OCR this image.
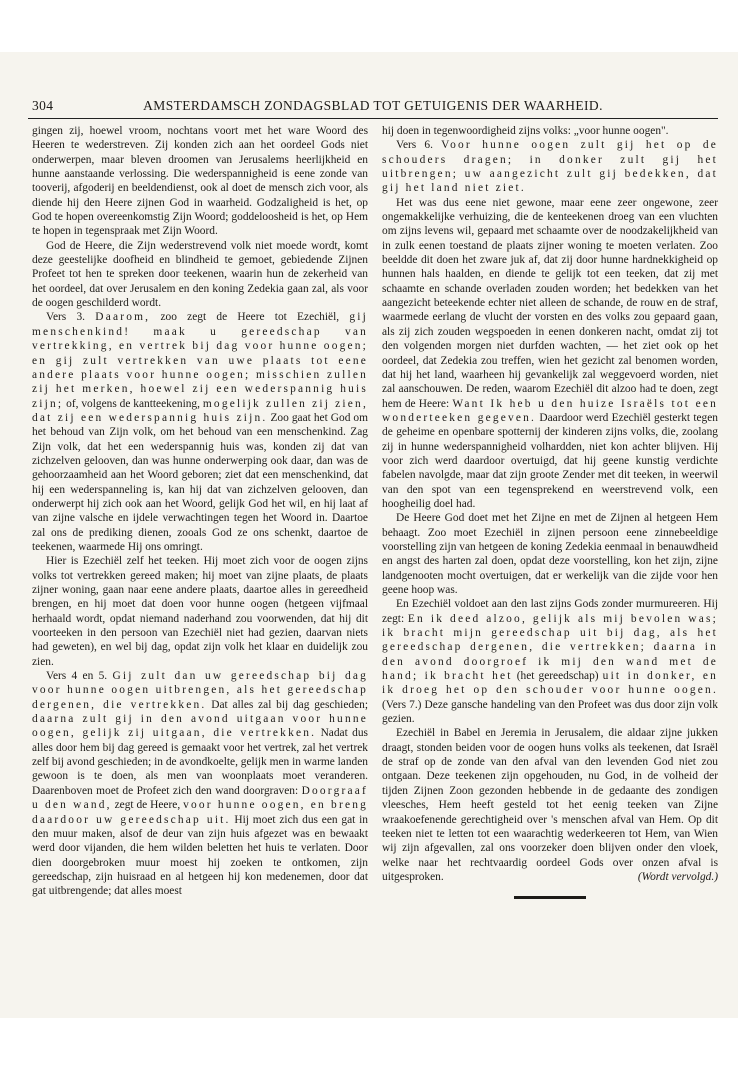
304	AMSTERDAMSCH ZONDAGSBLAD TOT GETUIGENIS DER WAARHEID.

gingen zij, hoewel vroom, nochtans voort met het ware Woord des Heeren te wederstreven. Zij konden zich aan het oordeel Gods niet onderwerpen, maar bleven droomen van Jerusalems heerlijkheid en hunne aanstaande verlossing. Die wederspannigheid is eene zonde van tooverij, afgoderij en beeldendienst, ook al doet de mensch zich voor, als diende hij den Heere zijnen God in waarheid. Godzaligheid is het, op God te hopen overeenkomstig Zijn Woord; goddeloosheid is het, op Hem te hopen in tegenspraak met Zijn Woord.

God de Heere, die Zijn wederstrevend volk niet moede wordt, komt deze geestelijke doofheid en blindheid te gemoet, gebiedende Zijnen Profeet tot hen te spreken door teekenen, waarin hun de zekerheid van het oordeel, dat over Jerusalem en den koning Zedekia gaan zal, als voor de oogen geschilderd wordt.

Vers 3. Daarom, zoo zegt de Heere tot Ezechiël, gij menschenkind! maak u gereedschap van vertrekking, en vertrek bij dag voor hunne oogen; en gij zult vertrekken van uwe plaats tot eene andere plaats voor hunne oogen; misschien zullen zij het merken, hoewel zij een wederspannig huis zijn; of, volgens de kantteekening, mogelijk zullen zij zien, dat zij een wederspannig huis zijn. Zoo gaat het God om het behoud van Zijn volk, om het behoud van een menschenkind. Zag Zijn volk, dat het een wederspannig huis was, konden zij dat van zichzelven gelooven, dan was hunne onderwerping ook daar, dan was de gehoorzaamheid aan het Woord geboren; ziet dat een menschenkind, dat hij een wederspanneling is, kan hij dat van zichzelven gelooven, dan onderwerpt hij zich ook aan het Woord, gelijk God het wil, en hij laat af van zijne valsche en ijdele verwachtingen tegen het Woord in. Daartoe zal ons de prediking dienen, zooals God ze ons schenkt, daartoe de teekenen, waarmede Hij ons omringt.

Hier is Ezechiël zelf het teeken. Hij moet zich voor de oogen zijns volks tot vertrekken gereed maken; hij moet van zijne plaats, de plaats zijner woning, gaan naar eene andere plaats, daartoe alles in gereedheid brengen, en hij moet dat doen voor hunne oogen (hetgeen vijfmaal herhaald wordt, opdat niemand naderhand zou voorwenden, dat hij dit voorteeken in den persoon van Ezechiël niet had gezien, daarvan niets had geweten), en wel bij dag, opdat zijn volk het klaar en duidelijk zou zien.

Vers 4 en 5. Gij zult dan uw gereedschap bij dag voor hunne oogen uitbrengen, als het gereedschap dergenen, die vertrekken. Dat alles zal bij dag geschieden; daarna zult gij in den avond uitgaan voor hunne oogen, gelijk zij uitgaan, die vertrekken. Nadat dus alles door hem bij dag gereed is gemaakt voor het vertrek, zal het vertrek zelf bij avond geschieden; in de avondkoelte, gelijk men in warme landen gewoon is te doen, als men van woonplaats moet veranderen. Daarenboven moet de Profeet zich den wand doorgraven: Doorgraaf u den wand, zegt de Heere, voor hunne oogen, en breng daardoor uw gereedschap uit. Hij moet zich dus een gat in den muur maken, alsof de deur van zijn huis afgezet was en bewaakt werd door vijanden, die hem wilden beletten het huis te verlaten. Door dien doorgebroken muur moest hij zoeken te ontkomen, zijn gereedschap, zijn huisraad en al hetgeen hij kon medenemen, door dat gat uitbrengende; dat alles moest

hij doen in tegenwoordigheid zijns volks: „voor hunne oogen".

Vers 6. Voor hunne oogen zult gij het op de schouders dragen; in donker zult gij het uitbrengen; uw aangezicht zult gij bedekken, dat gij het land niet ziet.

Het was dus eene niet gewone, maar eene zeer ongewone, zeer ongemakkelijke verhuizing, die de kenteekenen droeg van een vluchten om zijns levens wil, gepaard met schaamte over de noodzakelijkheid van in zulk eenen toestand de plaats zijner woning te moeten verlaten. Zoo beeldde dit doen het zware juk af, dat zij door hunne hardnekkigheid op hunnen hals haalden, en diende te gelijk tot een teeken, dat zij met schaamte en schande overladen zouden worden; het bedekken van het aangezicht beteekende echter niet alleen de schande, de rouw en de straf, waarmede eerlang de vlucht der vorsten en des volks zou gepaard gaan, als zij zich zouden wegspoeden in eenen donkeren nacht, omdat zij tot den volgenden morgen niet durfden wachten, — het ziet ook op het oordeel, dat Zedekia zou treffen, wien het gezicht zal benomen worden, dat hij het land, waarheen hij gevankelijk zal weggevoerd worden, niet zal aanschouwen. De reden, waarom Ezechiël dit alzoo had te doen, zegt hem de Heere: Want Ik heb u den huize Israëls tot een wonderteeken gegeven. Daardoor werd Ezechiël gesterkt tegen de geheime en openbare spotternij der kinderen zijns volks, die, zoolang zij in hunne wederspannigheid volhardden, niet kon achter blijven. Hij voor zich werd daardoor overtuigd, dat hij geene kunstig verdichte fabelen navolgde, maar dat zijn groote Zender met dit teeken, in weerwil van den spot van een tegensprekend en weerstrevend volk, een hoogheilig doel had.

De Heere God doet met het Zijne en met de Zijnen al hetgeen Hem behaagt. Zoo moet Ezechiël in zijnen persoon eene zinnebeeldige voorstelling zijn van hetgeen de koning Zedekia eenmaal in benauwdheid en angst des harten zal doen, opdat deze voorstelling, kon het zijn, zijne landgenooten mocht overtuigen, dat er werkelijk van die zijde voor hen geene hoop was.

En Ezechiël voldoet aan den last zijns Gods zonder murmureeren. Hij zegt: En ik deed alzoo, gelijk als mij bevolen was; ik bracht mijn gereedschap uit bij dag, als het gereedschap dergenen, die vertrekken; daarna in den avond doorgroef ik mij den wand met de hand; ik bracht het (het gereedschap) uit in donker, en ik droeg het op den schouder voor hunne oogen. (Vers 7.) Deze gansche handeling van den Profeet was dus door zijn volk gezien.

Ezechiël in Babel en Jeremia in Jerusalem, die aldaar zijne jukken draagt, stonden beiden voor de oogen huns volks als teekenen, dat Israël de straf op de zonde van den afval van den levenden God niet zou ontgaan. Deze teekenen zijn opgehouden, nu God, in de volheid der tijden Zijnen Zoon gezonden hebbende in de gedaante des zondigen vleesches, Hem heeft gesteld tot het eenig teeken van Zijne wraakoefenende gerechtigheid over 's menschen afval van Hem. Op dit teeken niet te letten tot een waarachtig wederkeeren tot Hem, van Wien wij zijn afgevallen, zal ons voorzeker doen blijven onder den vloek, welke naar het rechtvaardig oordeel Gods over onzen afval is uitgesproken.	(Wordt vervolgd.)
